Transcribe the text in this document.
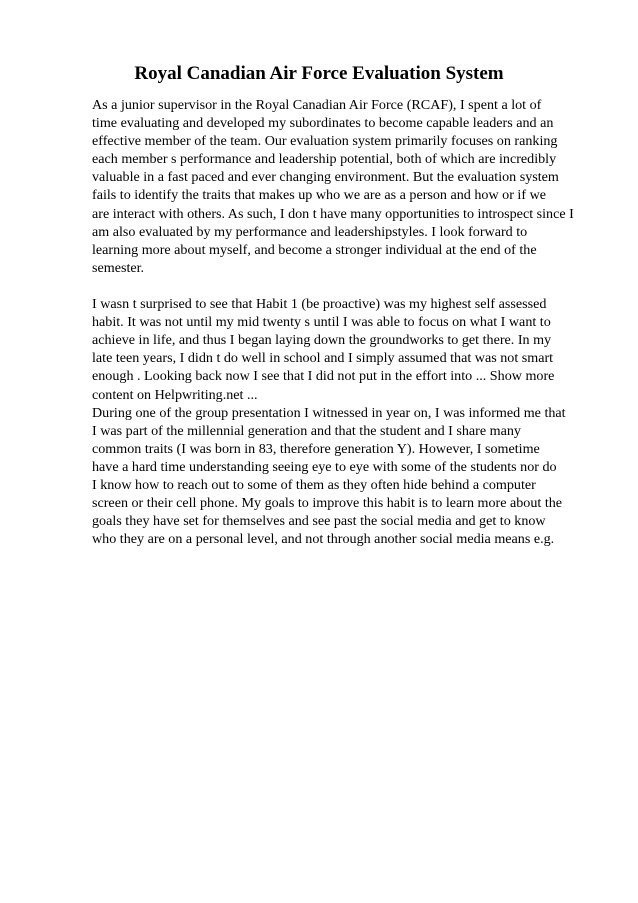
Royal Canadian Air Force Evaluation System
As a junior supervisor in the Royal Canadian Air Force (RCAF), I spent a lot of
time evaluating and developed my subordinates to become capable leaders and an
effective member of the team. Our evaluation system primarily focuses on ranking
each member s performance and leadership potential, both of which are incredibly
valuable in a fast paced and ever changing environment. But the evaluation system
fails to identify the traits that makes up who we are as a person and how or if we
are interact with others. As such, I don t have many opportunities to introspect since I
am also evaluated by my performance and leadershipstyles. I look forward to
learning more about myself, and become a stronger individual at the end of the
semester.
I wasn t surprised to see that Habit 1 (be proactive) was my highest self assessed
habit. It was not until my mid twenty s until I was able to focus on what I want to
achieve in life, and thus I began laying down the groundworks to get there. In my
late teen years, I didn t do well in school and I simply assumed that was not smart
enough . Looking back now I see that I did not put in the effort into ... Show more
content on Helpwriting.net ...
During one of the group presentation I witnessed in year on, I was informed me that
I was part of the millennial generation and that the student and I share many
common traits (I was born in 83, therefore generation Y). However, I sometime
have a hard time understanding seeing eye to eye with some of the students nor do
I know how to reach out to some of them as they often hide behind a computer
screen or their cell phone. My goals to improve this habit is to learn more about the
goals they have set for themselves and see past the social media and get to know
who they are on a personal level, and not through another social media means e.g.
